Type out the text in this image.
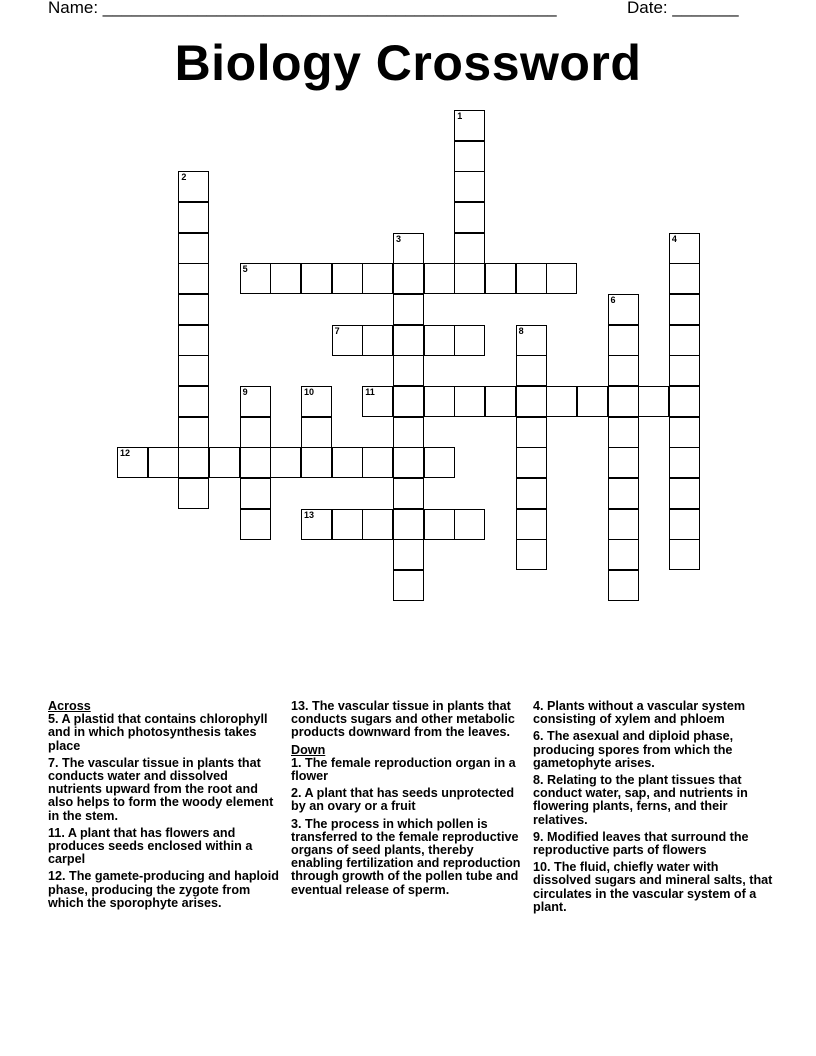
Name: ________________________________________________	Date: _______
Biology Crossword
1
2
3	4
5
6
7	8
9	10	11
12
13
Across

5. A plastid that contains chlorophyll and in which photosynthesis takes place

7. The vascular tissue in plants that conducts water and dissolved nutrients upward from the root and also helps to form the woody element in the stem.

11. A plant that has flowers and produces seeds enclosed within a carpel

12. The gamete-producing and haploid phase, producing the zygote from which the sporophyte arises.

13. The vascular tissue in plants that conducts sugars and other metabolic products downward from the leaves.

Down

1. The female reproduction organ in a flower

2. A plant that has seeds unprotected by an ovary or a fruit

3. The process in which pollen is transferred to the female reproductive organs of seed plants, thereby enabling fertilization and reproduction through growth of the pollen tube and eventual release of sperm.

4. Plants without a vascular system consisting of xylem and phloem

6. The asexual and diploid phase, producing spores from which the gametophyte arises.

8. Relating to the plant tissues that conduct water, sap, and nutrients in flowering plants, ferns, and their relatives.

9. Modified leaves that surround the reproductive parts of flowers

10. The fluid, chiefly water with dissolved sugars and mineral salts, that circulates in the vascular system of a plant.
